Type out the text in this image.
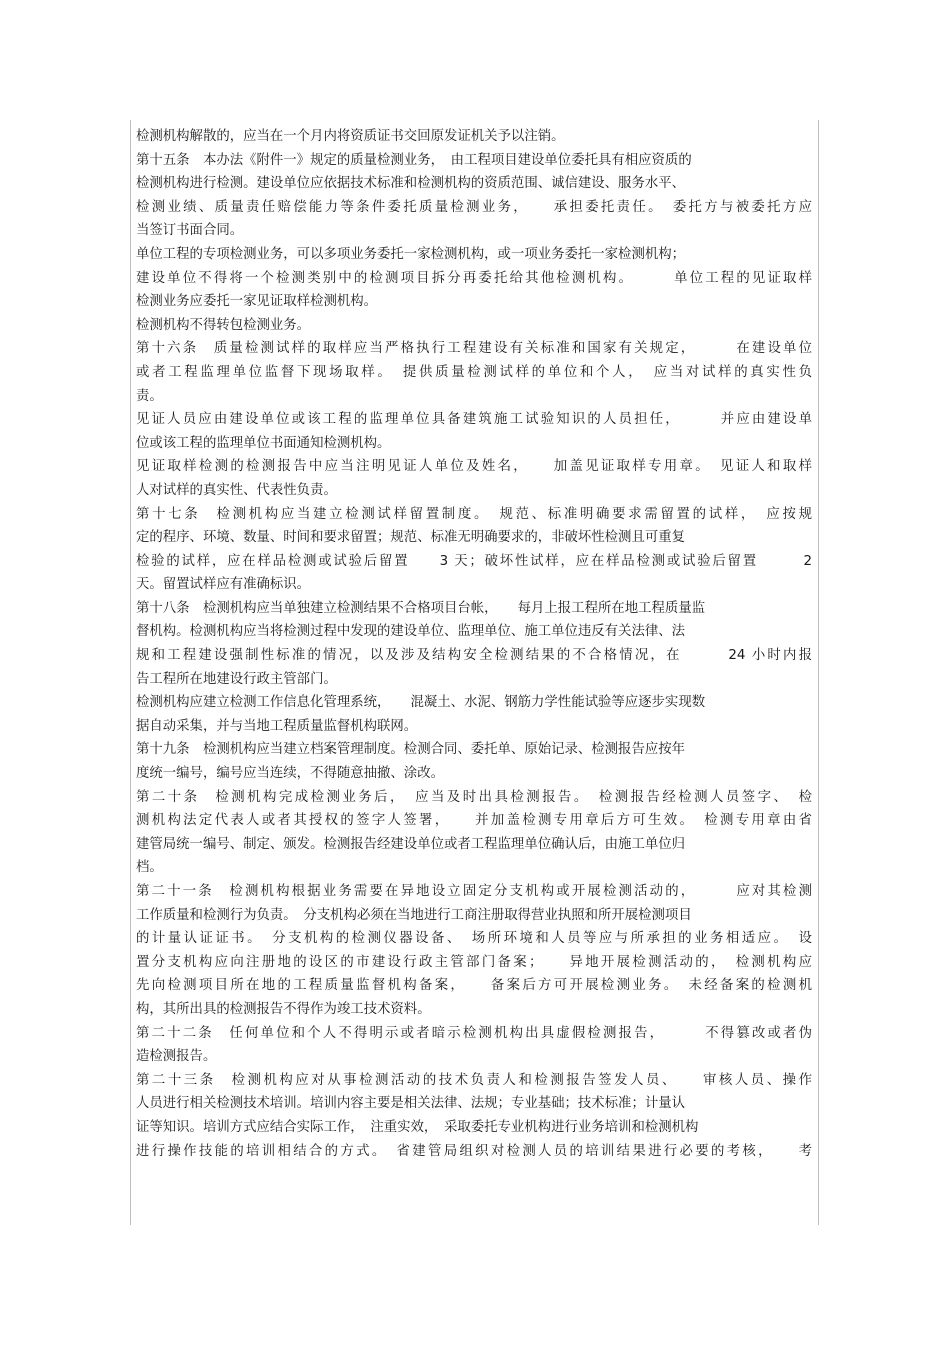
检测机构解散的，应当在一个月内将资质证书交回原发证机关予以注销。
第十五条　本办法《附件一》规定的质量检测业务，　由工程项目建设单位委托具有相应资质的
检测机构进行检测。建设单位应依据技术标准和检测机构的资质范围、诚信建设、服务水平、
检测业绩、质量责任赔偿能力等条件委托质量检测业务，　　承担委托责任。　委托方与被委托方应
当签订书面合同。
单位工程的专项检测业务，可以多项业务委托一家检测机构，或一项业务委托一家检测机构；
建设单位不得将一个检测类别中的检测项目拆分再委托给其他检测机构。　　　单位工程的见证取样
检测业务应委托一家见证取样检测机构。
检测机构不得转包检测业务。
第十六条　质量检测试样的取样应当严格执行工程建设有关标准和国家有关规定，　　　在建设单位
或者工程监理单位监督下现场取样。　提供质量检测试样的单位和个人，　应当对试样的真实性负
责。
见证人员应由建设单位或该工程的监理单位具备建筑施工试验知识的人员担任，　　　并应由建设单
位或该工程的监理单位书面通知检测机构。
见证取样检测的检测报告中应当注明见证人单位及姓名，　　加盖见证取样专用章。　见证人和取样
人对试样的真实性、代表性负责。
第十七条　检测机构应当建立检测试样留置制度。　规范、标准明确要求需留置的试样，　应按规
定的程序、环境、数量、时间和要求留置；规范、标准无明确要求的，非破坏性检测且可重复
检验的试样，应在样品检测或试验后留置　　3 天；破坏性试样，应在样品检测或试验后留置　　　2
天。留置试样应有准确标识。
第十八条　检测机构应当单独建立检测结果不合格项目台帐，　　每月上报工程所在地工程质量监
督机构。检测机构应当将检测过程中发现的建设单位、监理单位、施工单位违反有关法律、法
规和工程建设强制性标准的情况，以及涉及结构安全检测结果的不合格情况，在　　　24 小时内报
告工程所在地建设行政主管部门。
检测机构应建立检测工作信息化管理系统，　　混凝土、水泥、钢筋力学性能试验等应逐步实现数
据自动采集，并与当地工程质量监督机构联网。
第十九条　检测机构应当建立档案管理制度。检测合同、委托单、原始记录、检测报告应按年
度统一编号，编号应当连续，不得随意抽撤、涂改。
第二十条　检测机构完成检测业务后，　应当及时出具检测报告。　检测报告经检测人员签字、　检
测机构法定代表人或者其授权的签字人签署，　　并加盖检测专用章后方可生效。　检测专用章由省
建管局统一编号、制定、颁发。检测报告经建设单位或者工程监理单位确认后，由施工单位归
档。
第二十一条　检测机构根据业务需要在异地设立固定分支机构或开展检测活动的，　　　应对其检测
工作质量和检测行为负责。　分支机构必须在当地进行工商注册取得营业执照和所开展检测项目
的计量认证证书。　分支机构的检测仪器设备、　场所环境和人员等应与所承担的业务相适应。　设
置分支机构应向注册地的设区的市建设行政主管部门备案；　　异地开展检测活动的，　检测机构应
先向检测项目所在地的工程质量监督机构备案，　　备案后方可开展检测业务。　未经备案的检测机
构，其所出具的检测报告不得作为竣工技术资料。
第二十二条　任何单位和个人不得明示或者暗示检测机构出具虚假检测报告，　　　不得篡改或者伪
造检测报告。
第二十三条　检测机构应对从事检测活动的技术负责人和检测报告签发人员、　　审核人员、操作
人员进行相关检测技术培训。培训内容主要是相关法律、法规；专业基础；技术标准；计量认
证等知识。培训方式应结合实际工作，　注重实效，　采取委托专业机构进行业务培训和检测机构
进行操作技能的培训相结合的方式。　省建管局组织对检测人员的培训结果进行必要的考核，　　考
